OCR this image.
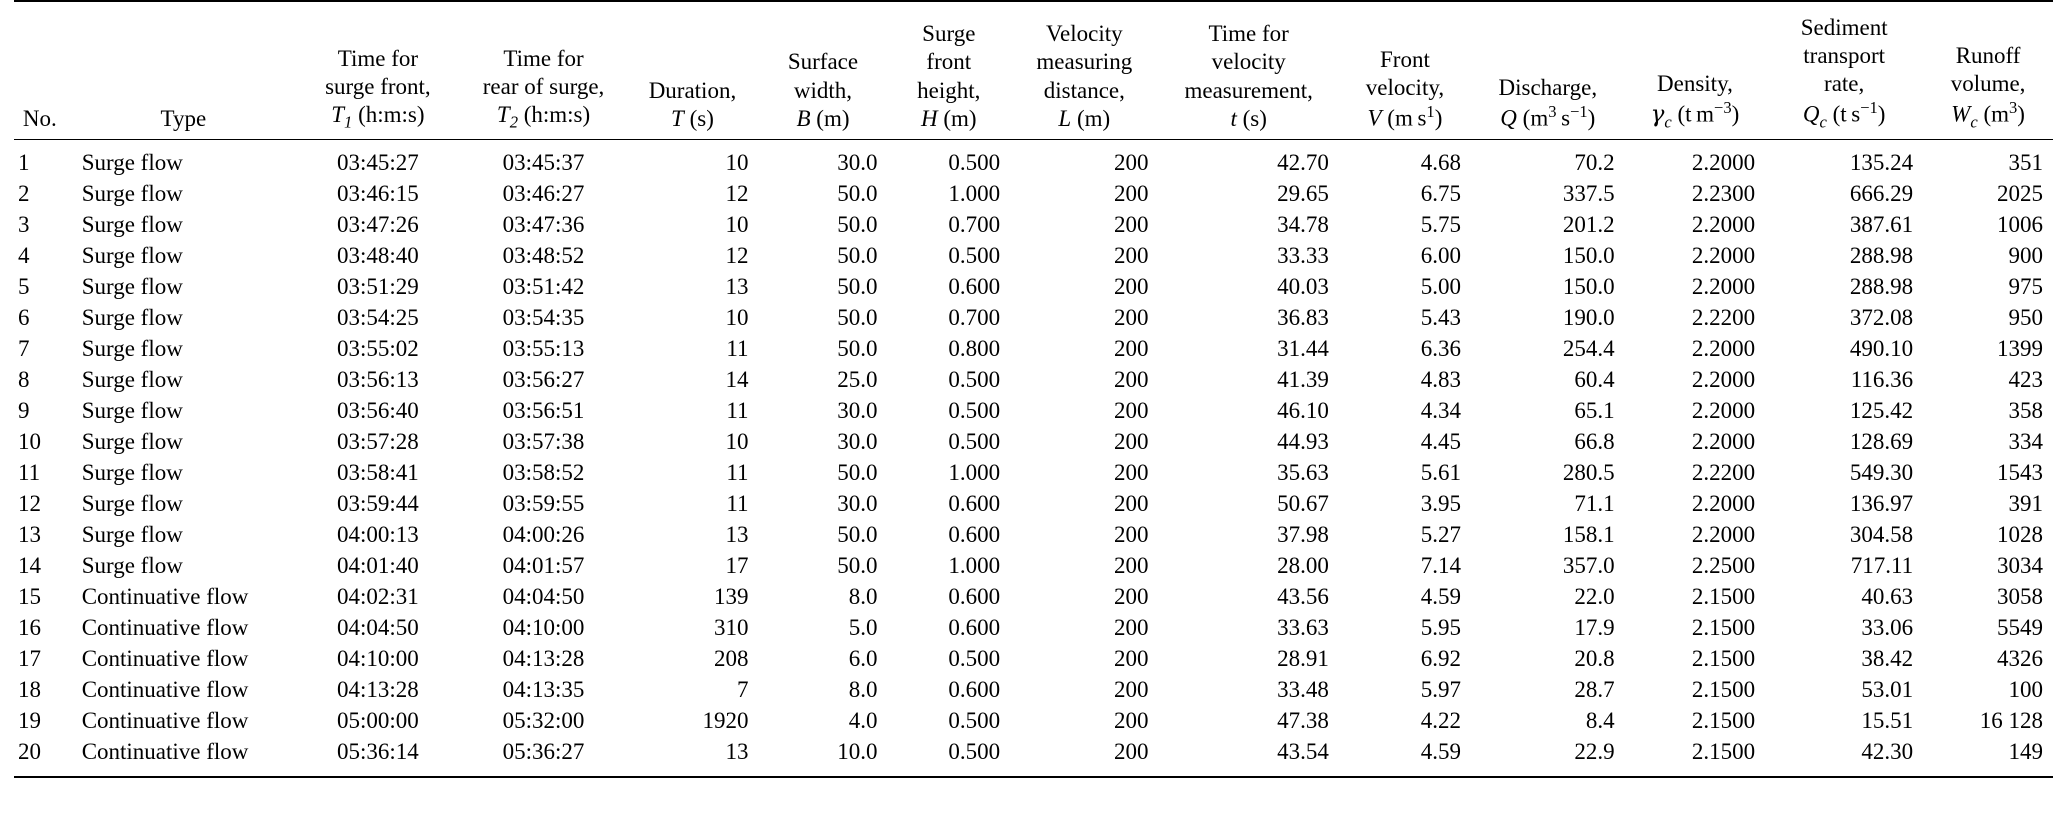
No.	Type	Time for
surge front,
$T_1$ (h:m:s)	Time for
rear of surge,
$T_2$ (h:m:s)	Duration,
T (s)	Surface
width,
B (m)	Surge
front
height,
H (m)	Velocity
measuring
distance,
L (m)	Time for
velocity
measurement,
t (s)	Front
velocity,
V (m $s^1$)	Discharge,
Q ($m^3$ $s^{-1}$)	Density,
$\gamma_c$ (t $m^{-3}$)	Sediment
transport
rate,
$Q_c$ (t $s^{-1}$)	Runoff
volume,
$W_c$ $(m^3)$

1	Surge flow	03:45:27	03:45:37	10	30.0	0.500	200	42.70	4.68	70.2	2.2000	135.24	351
2	Surge flow	03:46:15	03:46:27	12	50.0	1.000	200	29.65	6.75	337.5	2.2300	666.29	2025
3	Surge flow	03:47:26	03:47:36	10	50.0	0.700	200	34.78	5.75	201.2	2.2000	387.61	1006
4	Surge flow	03:48:40	03:48:52	12	50.0	0.500	200	33.33	6.00	150.0	2.2000	288.98	900
5	Surge flow	03:51:29	03:51:42	13	50.0	0.600	200	40.03	5.00	150.0	2.2000	288.98	975
6	Surge flow	03:54:25	03:54:35	10	50.0	0.700	200	36.83	5.43	190.0	2.2200	372.08	950
7	Surge flow	03:55:02	03:55:13	11	50.0	0.800	200	31.44	6.36	254.4	2.2000	490.10	1399
8	Surge flow	03:56:13	03:56:27	14	25.0	0.500	200	41.39	4.83	60.4	2.2000	116.36	423
9	Surge flow	03:56:40	03:56:51	11	30.0	0.500	200	46.10	4.34	65.1	2.2000	125.42	358
10	Surge flow	03:57:28	03:57:38	10	30.0	0.500	200	44.93	4.45	66.8	2.2000	128.69	334
11	Surge flow	03:58:41	03:58:52	11	50.0	1.000	200	35.63	5.61	280.5	2.2200	549.30	1543
12	Surge flow	03:59:44	03:59:55	11	30.0	0.600	200	50.67	3.95	71.1	2.2000	136.97	391
13	Surge flow	04:00:13	04:00:26	13	50.0	0.600	200	37.98	5.27	158.1	2.2000	304.58	1028
14	Surge flow	04:01:40	04:01:57	17	50.0	1.000	200	28.00	7.14	357.0	2.2500	717.11	3034
15	Continuative flow	04:02:31	04:04:50	139	8.0	0.600	200	43.56	4.59	22.0	2.1500	40.63	3058
16	Continuative flow	04:04:50	04:10:00	310	5.0	0.600	200	33.63	5.95	17.9	2.1500	33.06	5549
17	Continuative flow	04:10:00	04:13:28	208	6.0	0.500	200	28.91	6.92	20.8	2.1500	38.42	4326
18	Continuative flow	04:13:28	04:13:35	7	8.0	0.600	200	33.48	5.97	28.7	2.1500	53.01	100
19	Continuative flow	05:00:00	05:32:00	1920	4.0	0.500	200	47.38	4.22	8.4	2.1500	15.51	16 128
20	Continuative flow	05:36:14	05:36:27	13	10.0	0.500	200	43.54	4.59	22.9	2.1500	42.30	149
